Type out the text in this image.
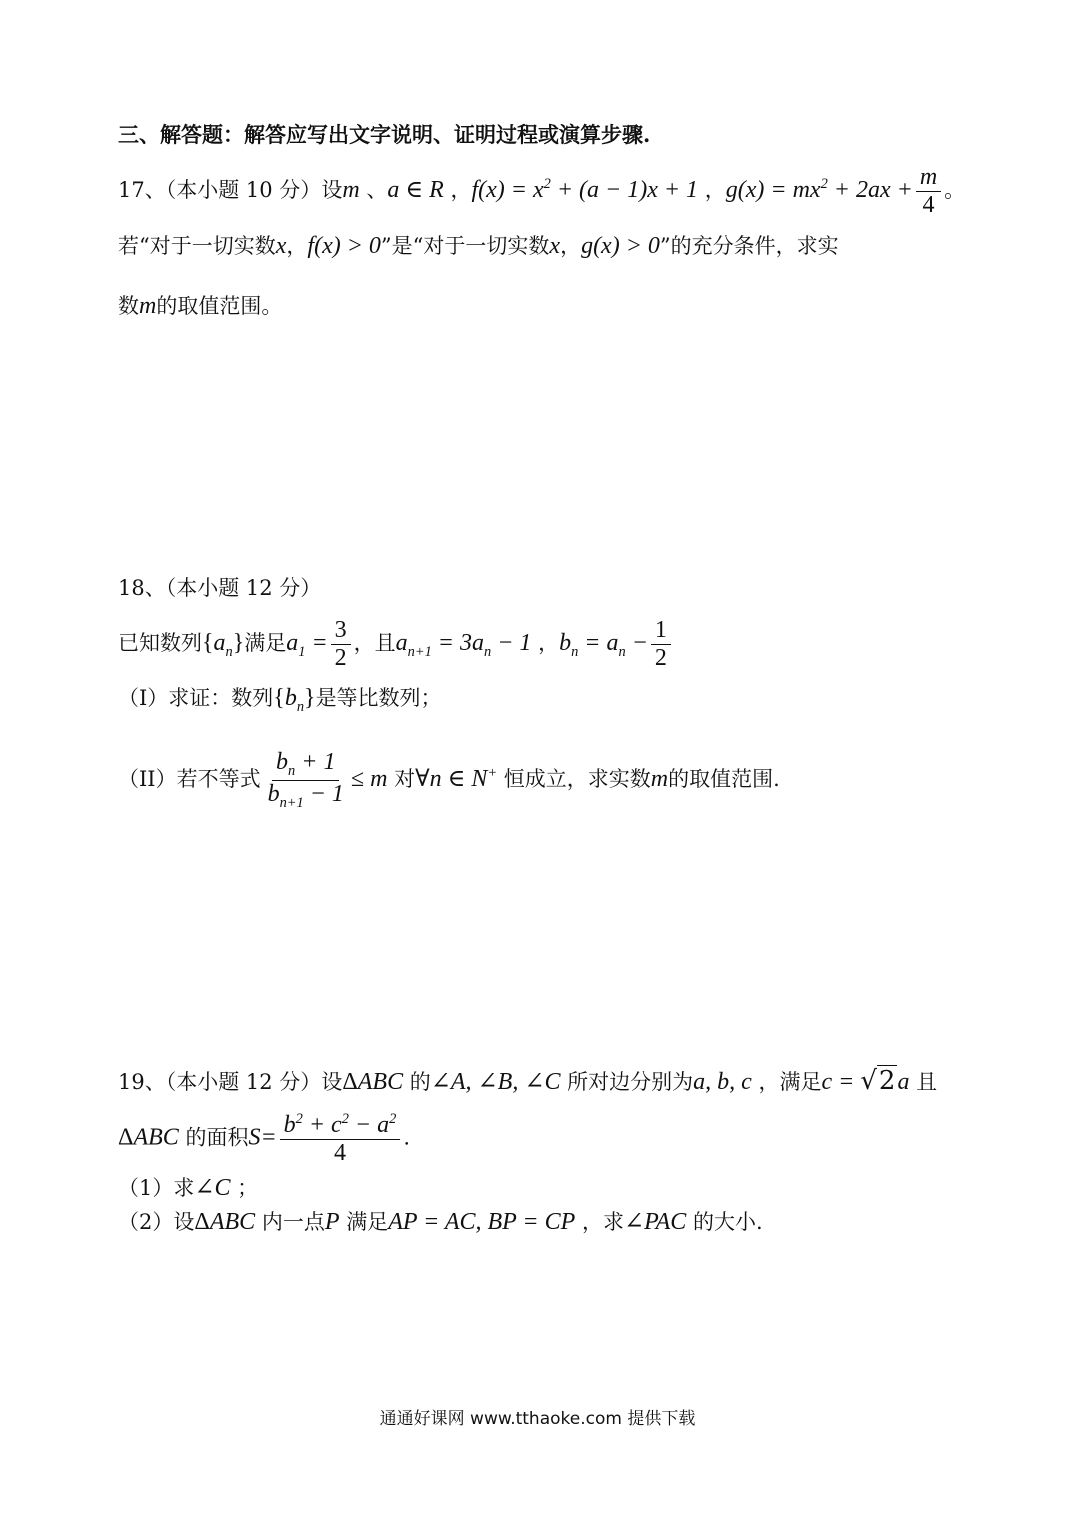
三、解答题：解答应写出文字说明、证明过程或演算步骤.
17、（本小题 10 分）设m 、a ∈ R ，$f(x) = x^2 + (a - 1)x + 1$ ，$g(x) = mx^2 + 2ax + \frac{m}{4}$ 。
若“对于一切实数x，f(x) > 0”是“对于一切实数x，g(x) > 0”的充分条件，求实
数m的取值范围。
18、（本小题 12 分）
已知数列$\{a_n\}$满足$a_1 = \frac{3}{2}$ ，且$a_{n+1} = 3a_n - 1$ ，$b_n = a_n - \frac{1}{2}$
（I）求证：数列$\{b_n\}$是等比数列；
（II）若不等式 $\frac{b_n + 1}{b_{n+1} - 1} \le m$ 对∀n ∈ N+ 恒成立，求实数m的取值范围.
19、（本小题 12 分）设ΔABC 的∠A, ∠B, ∠C 所对边分别为a, b, c ，满足c = √2a 且
ΔABC 的面积$S= \frac{b^2 + c^2 - a^2}{4}$ .
（1）求∠C ；
（2）设ΔABC 内一点P 满足AP = AC, BP = CP ，求∠PAC 的大小.
通通好课网 www.tthaoke.com 提供下载
